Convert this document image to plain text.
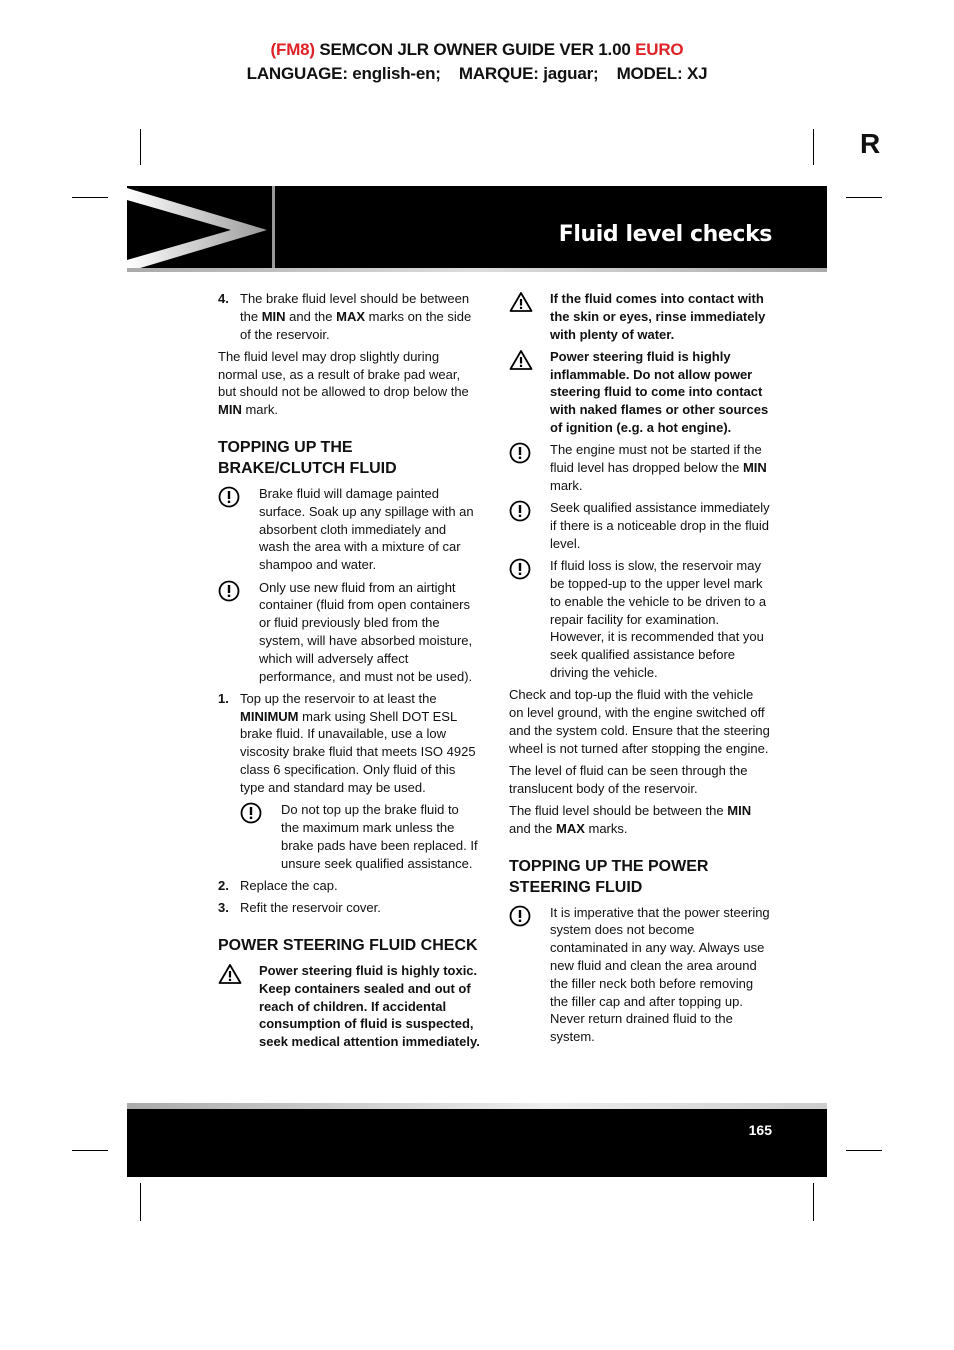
(FM8) SEMCON JLR OWNER GUIDE VER 1.00 EURO
LANGUAGE: english-en;    MARQUE: jaguar;    MODEL: XJ
R
Fluid level checks
4. The brake fluid level should be between the MIN and the MAX marks on the side of the reservoir.

The fluid level may drop slightly during normal use, as a result of brake pad wear, but should not be allowed to drop below the MIN mark.

TOPPING UP THE BRAKE/CLUTCH FLUID
Brake fluid will damage painted surface. Soak up any spillage with an absorbent cloth immediately and wash the area with a mixture of car shampoo and water.
Only use new fluid from an airtight container (fluid from open containers or fluid previously bled from the system, will have absorbed moisture, which will adversely affect performance, and must not be used).
1. Top up the reservoir to at least the MINIMUM mark using Shell DOT ESL brake fluid. If unavailable, use a low viscosity brake fluid that meets ISO 4925 class 6 specification. Only fluid of this type and standard may be used.
Do not top up the brake fluid to the maximum mark unless the brake pads have been replaced. If unsure seek qualified assistance.
2. Replace the cap.
3. Refit the reservoir cover.
POWER STEERING FLUID CHECK
Power steering fluid is highly toxic. Keep containers sealed and out of reach of children. If accidental consumption of fluid is suspected, seek medical attention immediately.
If the fluid comes into contact with the skin or eyes, rinse immediately with plenty of water.
Power steering fluid is highly inflammable. Do not allow power steering fluid to come into contact with naked flames or other sources of ignition (e.g. a hot engine).
The engine must not be started if the fluid level has dropped below the MIN mark.
Seek qualified assistance immediately if there is a noticeable drop in the fluid level.
If fluid loss is slow, the reservoir may be topped-up to the upper level mark to enable the vehicle to be driven to a repair facility for examination. However, it is recommended that you seek qualified assistance before driving the vehicle.

Check and top-up the fluid with the vehicle on level ground, with the engine switched off and the system cold. Ensure that the steering wheel is not turned after stopping the engine.

The level of fluid can be seen through the translucent body of the reservoir.

The fluid level should be between the MIN and the MAX marks.

TOPPING UP THE POWER STEERING FLUID
It is imperative that the power steering system does not become contaminated in any way. Always use new fluid and clean the area around the filler neck both before removing the filler cap and after topping up. Never return drained fluid to the system.
165
